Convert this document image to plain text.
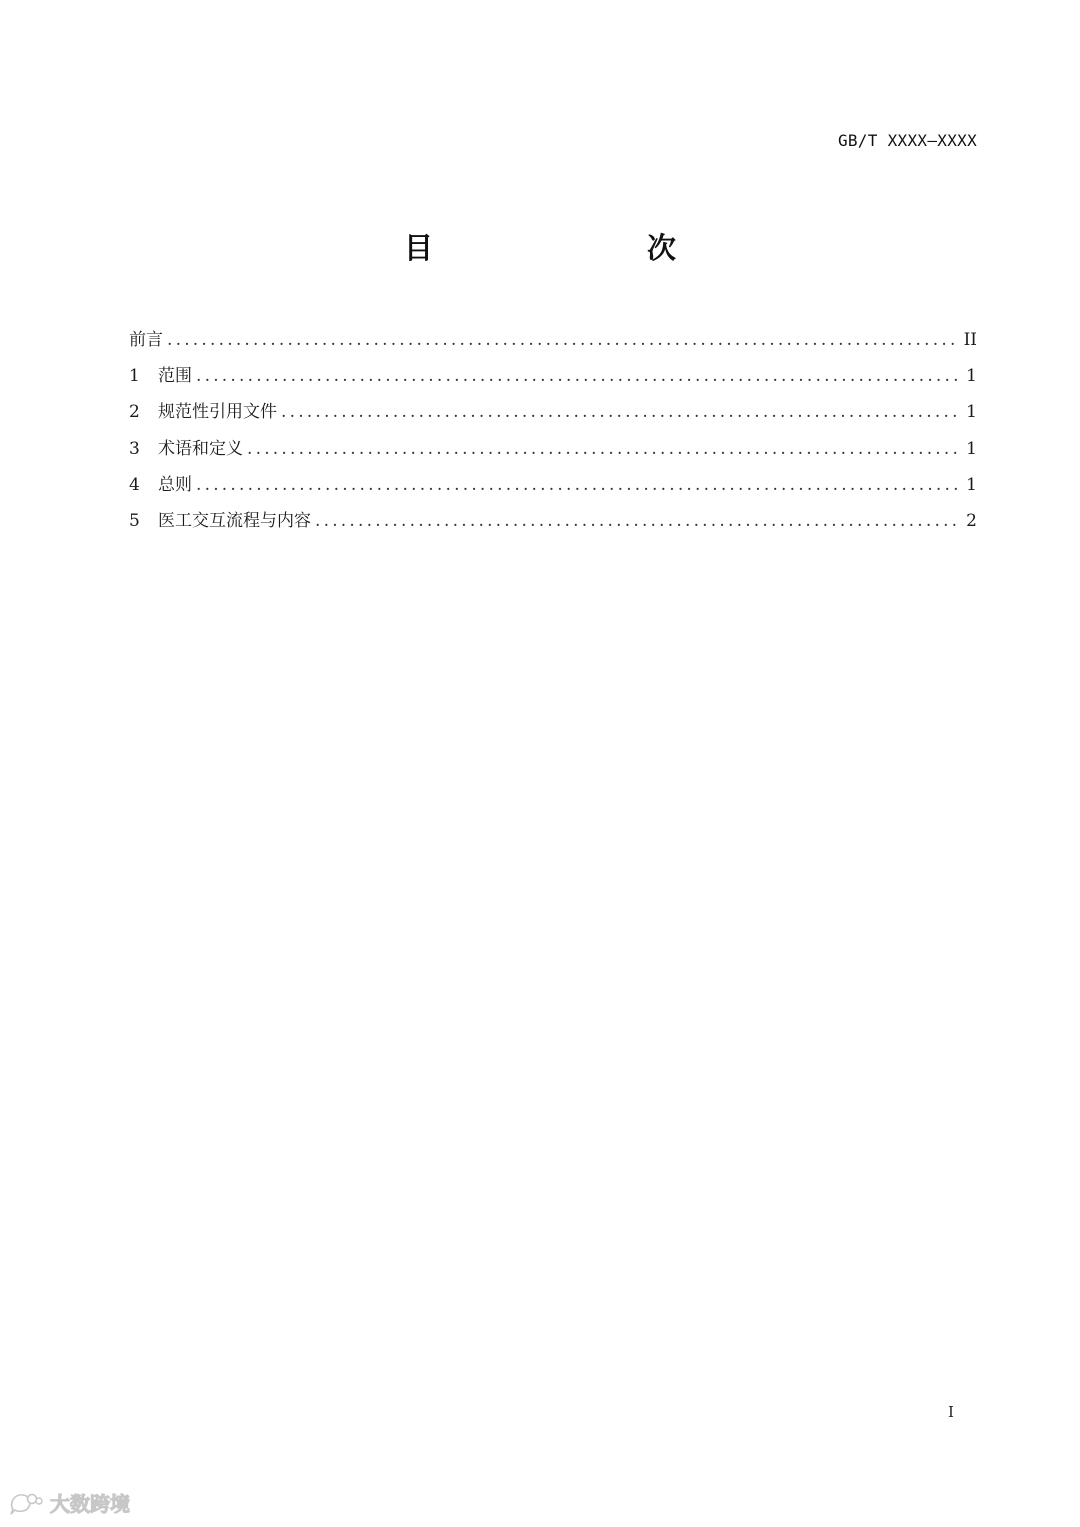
GB/T XXXX—XXXX
目　　次
前言 .....	II
1	范围 .....	1
2	规范性引用文件 .....	1
3	术语和定义 .....	1
4	总则 .....	1
5	医工交互流程与内容 .....	2
I
大数跨境
